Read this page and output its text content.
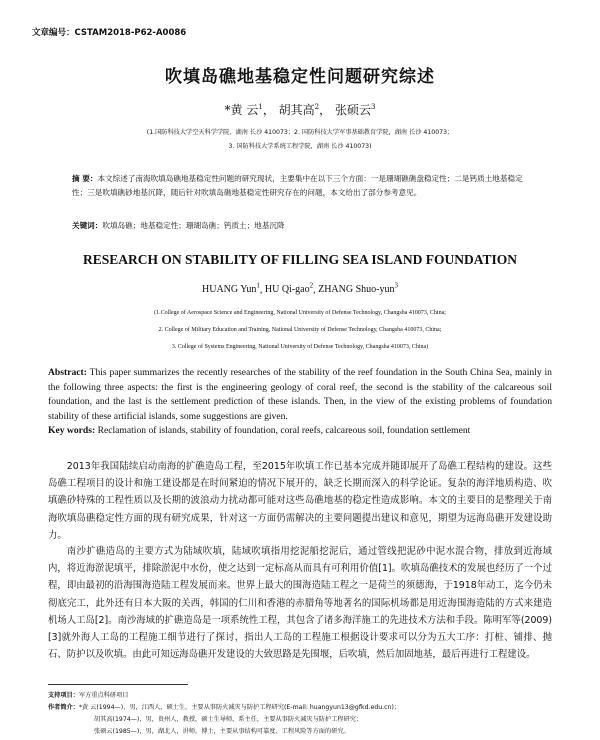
文章编号：CSTAM2018-P62-A0086
吹填岛礁地基稳定性问题研究综述
*黄 云$^1$， 胡其高$^2$， 张硕云$^3$
(1.国防科技大学空天科学学院，湖南 长沙 410073；2. 国防科技大学军事基础教育学院，湖南 长沙 410073；
3. 国防科技大学系统工程学院，湖南 长沙 410073)
摘 要：本文综述了南海吹填岛礁地基稳定性问题的研究现状，主要集中在以下三个方面：一是珊瑚礁礁盘稳定性；二是钙质土地基稳定性；三是吹填礁砂地基沉降，随后针对吹填岛礁地基稳定性研究存在的问题，本文给出了部分参考意见。
关键词：吹填岛礁；地基稳定性；珊瑚岛礁；钙质土；地基沉降
RESEARCH ON STABILITY OF FILLING SEA ISLAND FOUNDATION
HUANG Yun$^1$, HU Qi-gao$^2$, ZHANG Shuo-yun$^3$
(1.College of Aerospace Science and Engineering, National University of Defense Technology, Changsha 410073, China;
2. College of Military Education and Training, National University of Defense Technology, Changsha 410073, China;
3. College of Systems Engineering, National University of Defense Technology, Changsha 410073, China)
Abstract: This paper summarizes the recently researches of the stability of the reef foundation in the South China Sea, mainly in the following three aspects: the first is the engineering geology of coral reef, the second is the stability of the calcareous soil foundation, and the last is the settlement prediction of these islands. Then, in the view of the existing problems of foundation stability of these artificial islands, some suggestions are given.
Key words: Reclamation of islands, stability of foundation, coral reefs, calcareous soil, foundation settlement
2013年我国陆续启动南海的扩礁造岛工程，至2015年吹填工作已基本完成并随即展开了岛礁工程结构的建设。这些岛礁工程项目的设计和施工建设都是在时间紧迫的情况下展开的，缺乏长期而深入的科学论证。复杂的海洋地质构造、吹填礁砂特殊的工程性质以及长期的波浪动力扰动都可能对这些岛礁地基的稳定性造成影响。本文的主要目的是整理关于南海吹填岛礁稳定性方面的现有研究成果，针对这一方面仍需解决的主要问题提出建议和意见，期望为远海岛礁开发建设助力。
南沙扩礁造岛的主要方式为陆域吹填，陆域吹填指用挖泥船挖泥后，通过管线把泥砂中泥水混合物，排放到近海域内，将近海淤泥填平，排除淤泥中水份，使之达到一定标高从而具有可利用价值[1]。吹填岛礁技术的发展也经历了一个过程，即由最初的沿海围海造陆工程发展而来。世界上最大的围海造陆工程之一是荷兰的须德海，于1918年动工，迄今仍未彻底完工，此外还有日本大阪的关西，韩国的仁川和香港的赤腊角等地著名的国际机场都是用近海围海造陆的方式来建造机场人工岛[2]。南沙海域的扩礁造岛是一项系统性工程，其包含了诸多海洋施工的先进技术方法和手段。陈明军等(2009)[3]就外海人工岛的工程施工细节进行了探讨，指出人工岛的工程施工根据设计要求可以分为五大工序：打桩、铺排、抛石、防护以及吹填。由此可知远海岛礁开发建设的大致思路是先围堰，后吹填，然后加固地基，最后再进行工程建设。
支持项目：军方重点科研项目
作者简介：*黄 云(1994—)，男，江西人，硕士生，主要从事防火减灾与防护工程研究(E-mail: huangyun13@gfkd.edu.cn)；
胡其高(1974—)，男，贵州人，教授，硕士生导师，系主任，主要从事防火减灾与防护工程研究；
张硕云(1985—)，男，湖北人，讲师，博士，主要从事结构可靠度、工程风险等方面的研究。
